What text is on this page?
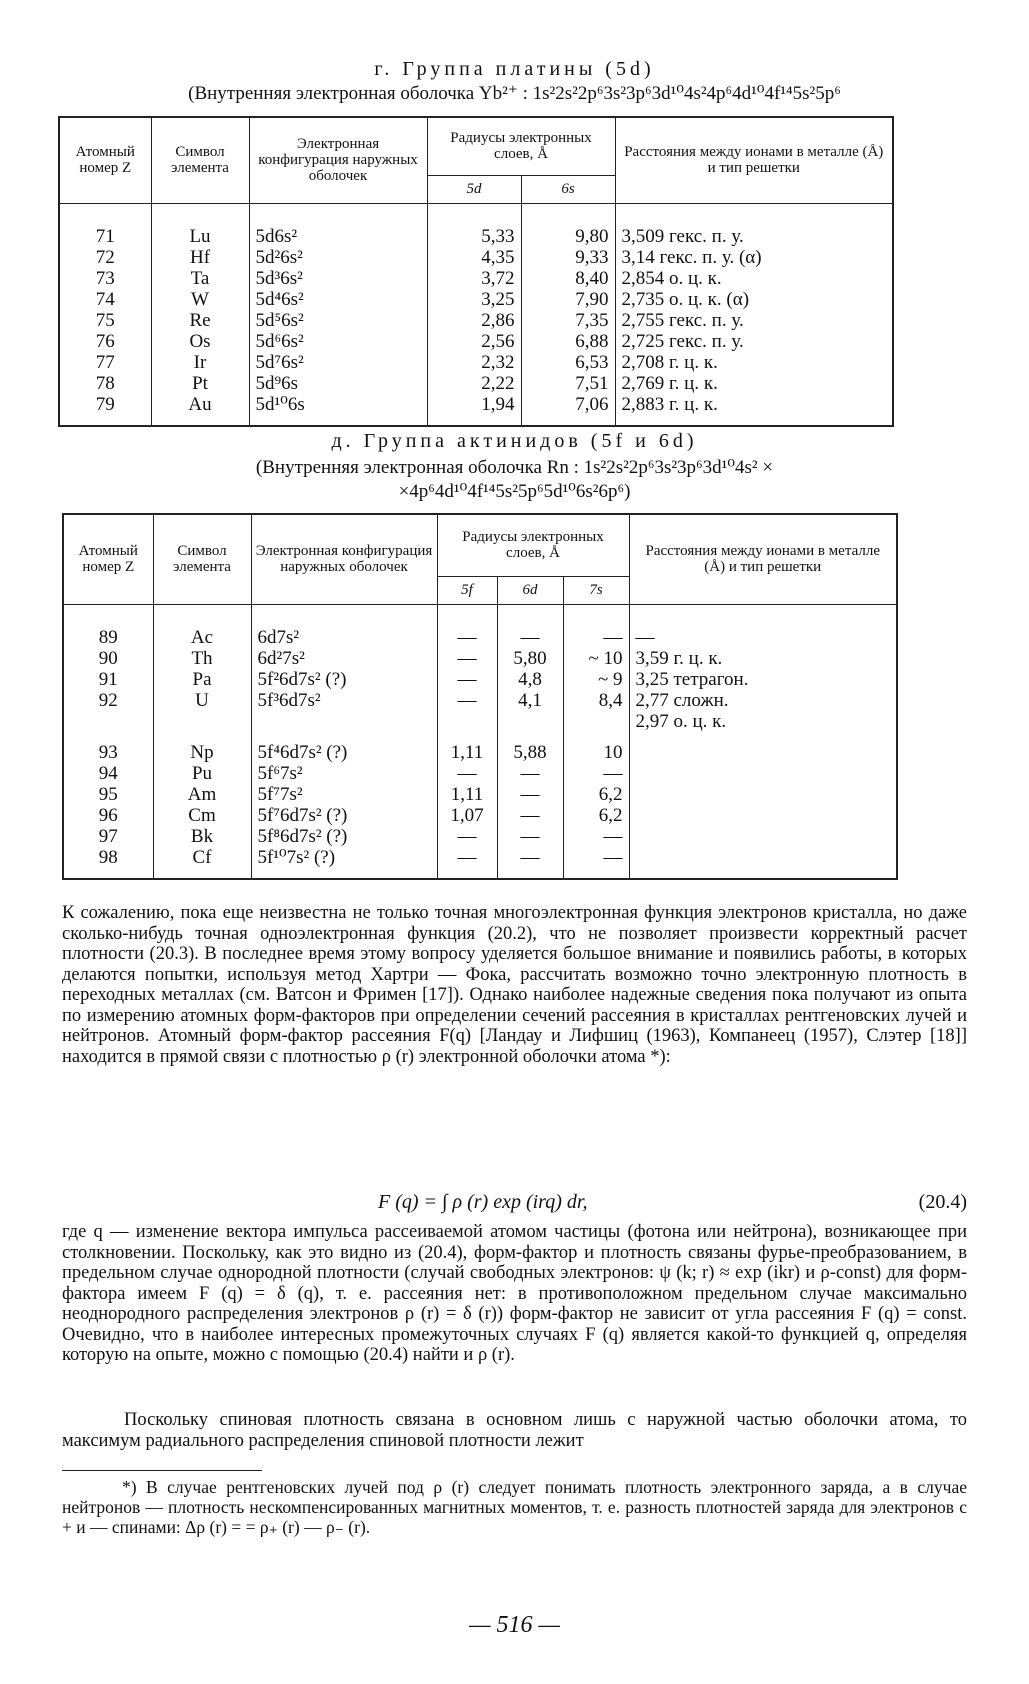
г. Группа платины (5d)
(Внутренняя электронная оболочка Yb²⁺ : 1s²2s²2p⁶3s²3p⁶3d¹⁰4s²4p⁶4d¹⁰4f¹⁴5s²5p⁶
Атомный номер Z	Символ элемента	Электронная конфигурация наружных оболочек	Радиусы электронных слоев, Å		Расстояния между ионами в металле (Å) и тип решетки
			5d	6s	

71	Lu	5d6s²	5,33	9,80	3,509 гекс. п. у.
72	Hf	5d²6s²	4,35	9,33	3,14 гекс. п. у. (α)
73	Ta	5d³6s²	3,72	8,40	2,854 о. ц. к.
74	W	5d⁴6s²	3,25	7,90	2,735 о. ц. к. (α)
75	Re	5d⁵6s²	2,86	7,35	2,755 гекс. п. у.
76	Os	5d⁶6s²	2,56	6,88	2,725 гекс. п. у.
77	Ir	5d⁷6s²	2,32	6,53	2,708 г. ц. к.
78	Pt	5d⁹6s	2,22	7,51	2,769 г. ц. к.
79	Au	5d¹⁰6s	1,94	7,06	2,883 г. ц. к.
д. Группа актинидов (5f и 6d)
(Внутренняя электронная оболочка Rn : 1s²2s²2p⁶3s²3p⁶3d¹⁰4s² ×
×4p⁶4d¹⁰4f¹⁴5s²5p⁶5d¹⁰6s²6p⁶)
Атомный номер Z	Символ элемента	Электронная конфигурация наружных оболочек	Радиусы электронных слоев, Å			Расстояния между ионами в металле (Å) и тип решетки
			5f	6d	7s	

89	Ac	6d7s²	—	—	—	—
90	Th	6d²7s²	—	5,80	~ 10	3,59 г. ц. к.
91	Pa	5f²6d7s² (?)	—	4,8	~ 9	3,25 тетрагон.
92	U	5f³6d7s²	—	4,1	8,4	2,77 сложн.
						2,97 о. ц. к.
93	Np	5f⁴6d7s² (?)	1,11	5,88	10	
94	Pu	5f⁶7s²	—	—	—	
95	Am	5f⁷7s²	1,11	—	6,2	
96	Cm	5f⁷6d7s² (?)	1,07	—	6,2	
97	Bk	5f⁸6d7s² (?)	—	—	—	
98	Cf	5f¹⁰7s² (?)	—	—	—	

К сожалению, пока еще неизвестна не только точная многоэлектронная функция электронов кристалла, но даже сколько-нибудь точная одноэлектронная функция (20.2), что не позволяет произвести корректный расчет плотности (20.3). В последнее время этому вопросу уделяется большое внимание и появились работы, в которых делаются попытки, используя метод Хартри — Фока, рассчитать возможно точно электронную плотность в переходных металлах (см. Ватсон и Фримен [17]). Однако наиболее надежные сведения пока получают из опыта по измерению атомных форм-факторов при определении сечений рассеяния в кристаллах рентгеновских лучей и нейтронов. Атомный форм-фактор рассеяния F(q) [Ландау и Лифшиц (1963), Компанеец (1957), Слэтер [18]] находится в прямой связи с плотностью ρ (r) электронной оболочки атома *):

F (q) = ∫ ρ (r) exp (irq) dr,	(20.4)

где q — изменение вектора импульса рассеиваемой атомом частицы (фотона или нейтрона), возникающее при столкновении. Поскольку, как это видно из (20.4), форм-фактор и плотность связаны фурье-преобразованием, в предельном случае однородной плотности (случай свободных электронов: ψ (k; r) ≈ exp (ikr) и ρ-const) для форм-фактора имеем F (q) = δ (q), т. е. рассеяния нет: в противоположном предельном случае максимально неоднородного распределения электронов ρ (r) = δ (r)) форм-фактор не зависит от угла рассеяния F (q) = const. Очевидно, что в наиболее интересных промежуточных случаях F (q) является какой-то функцией q, определяя которую на опыте, можно с помощью (20.4) найти и ρ (r).

Поскольку спиновая плотность связана в основном лишь с наружной частью оболочки атома, то максимум радиального распределения спиновой плотности лежит

*) В случае рентгеновских лучей под ρ (r) следует понимать плотность электронного заряда, а в случае нейтронов — плотность нескомпенсированных магнитных моментов, т. е. разность плотностей заряда для электронов с + и — спинами: Δρ (r) = = ρ₊ (r) — ρ₋ (r).

— 516 —
